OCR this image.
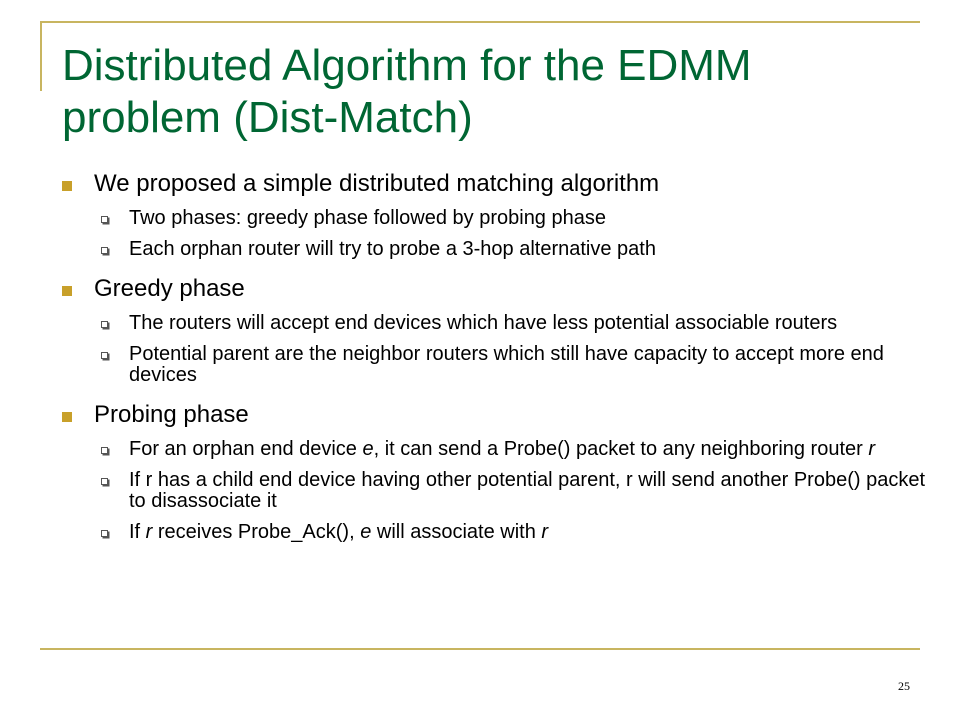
Distributed Algorithm for the EDMM problem (Dist-Match)
We proposed a simple distributed matching algorithm
Two phases: greedy phase followed by probing phase
Each orphan router will try to probe a 3-hop alternative path
Greedy phase
The routers will accept end devices which have less potential associable routers
Potential parent are the neighbor routers which still have capacity to accept more end devices
Probing phase
For an orphan end device e, it can send a Probe() packet to any neighboring router r
If r has a child end device having other potential parent, r will send another Probe() packet to disassociate it
If r receives Probe_Ack(), e will associate with r
25
